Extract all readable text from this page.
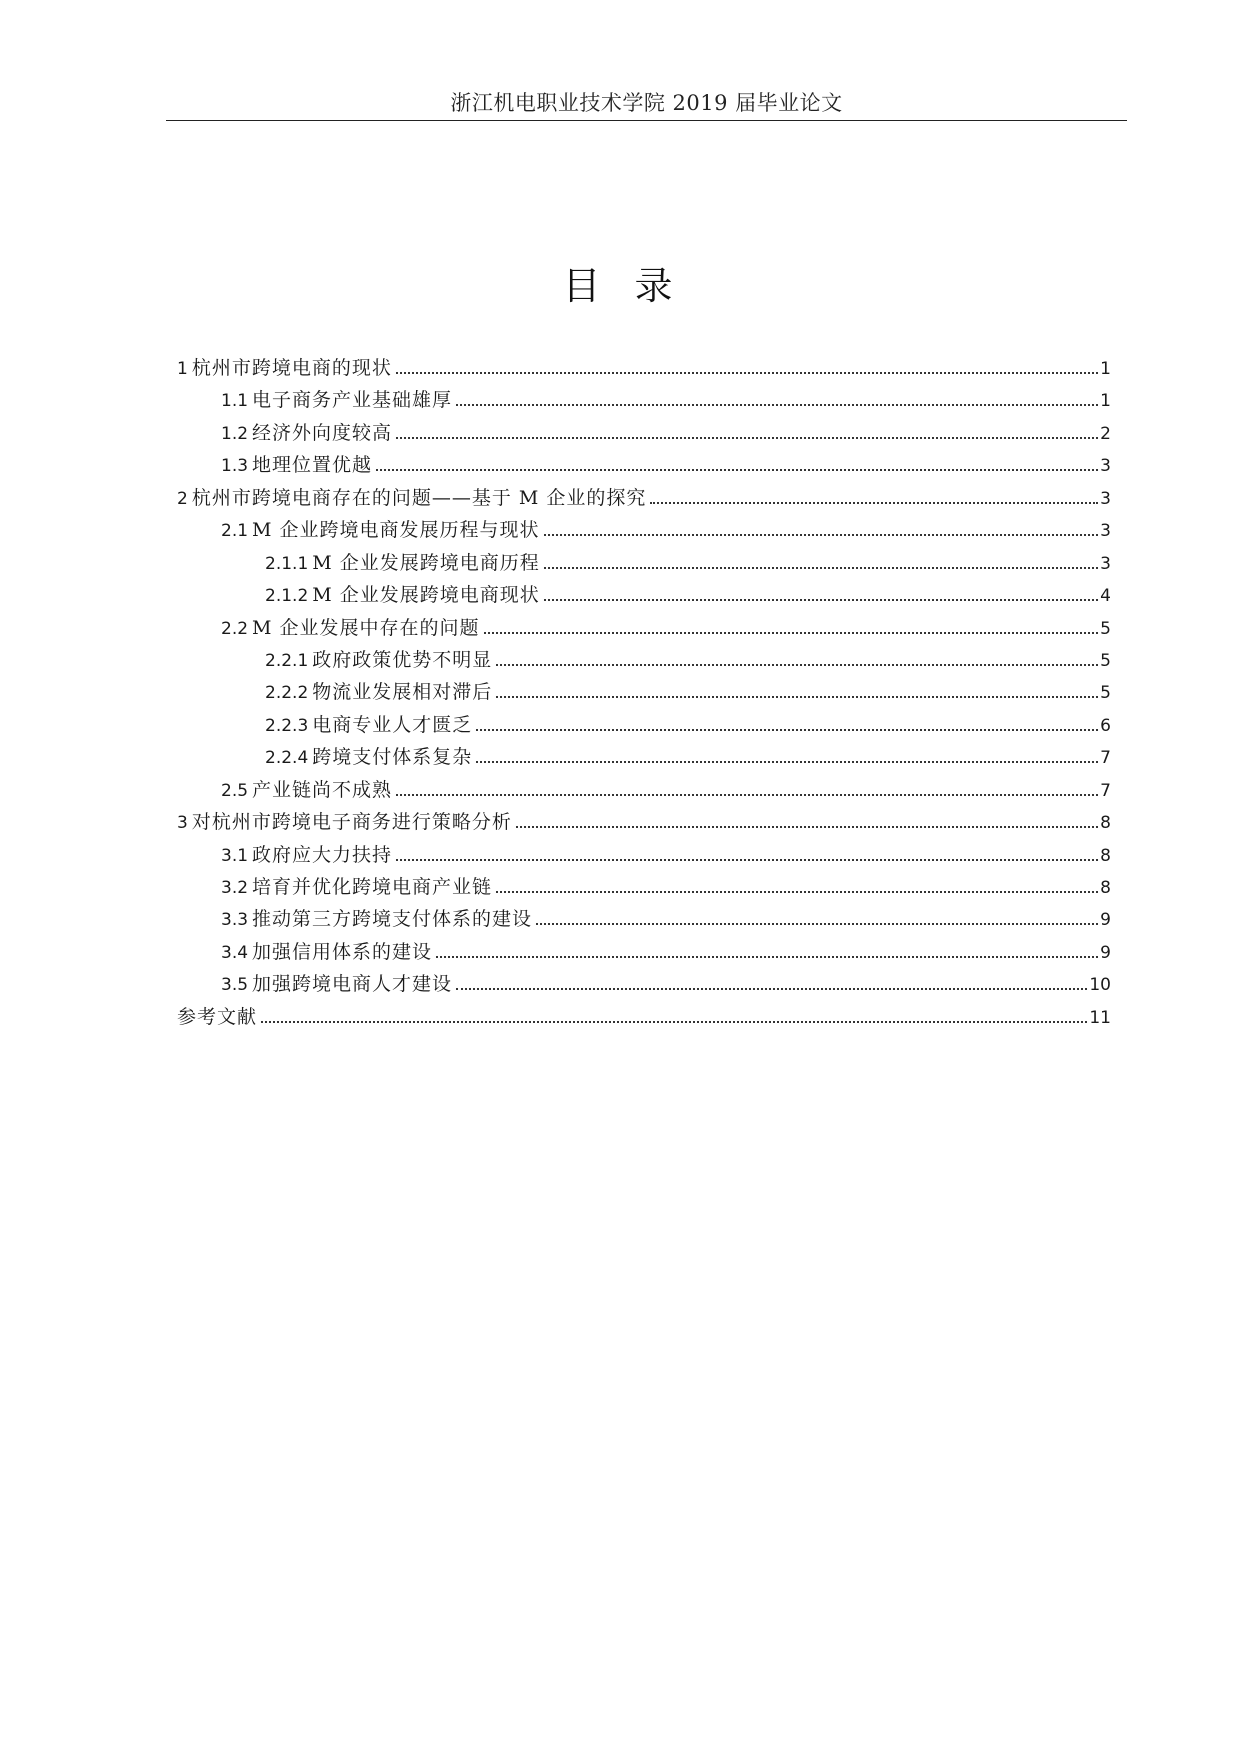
浙江机电职业技术学院 2019 届毕业论文
目录
1 杭州市跨境电商的现状	1
1.1 电子商务产业基础雄厚	1
1.2 经济外向度较高	2
1.3 地理位置优越	3
2 杭州市跨境电商存在的问题——基于 M 企业的探究	3
2.1 M 企业跨境电商发展历程与现状	3
2.1.1 M 企业发展跨境电商历程	3
2.1.2 M 企业发展跨境电商现状	4
2.2 M 企业发展中存在的问题	5
2.2.1 政府政策优势不明显	5
2.2.2 物流业发展相对滞后	5
2.2.3 电商专业人才匮乏	6
2.2.4 跨境支付体系复杂	7
2.5 产业链尚不成熟	7
3 对杭州市跨境电子商务进行策略分析	8
3.1 政府应大力扶持	8
3.2 培育并优化跨境电商产业链	8
3.3 推动第三方跨境支付体系的建设	9
3.4 加强信用体系的建设	9
3.5 加强跨境电商人才建设	10
参考文献	11
